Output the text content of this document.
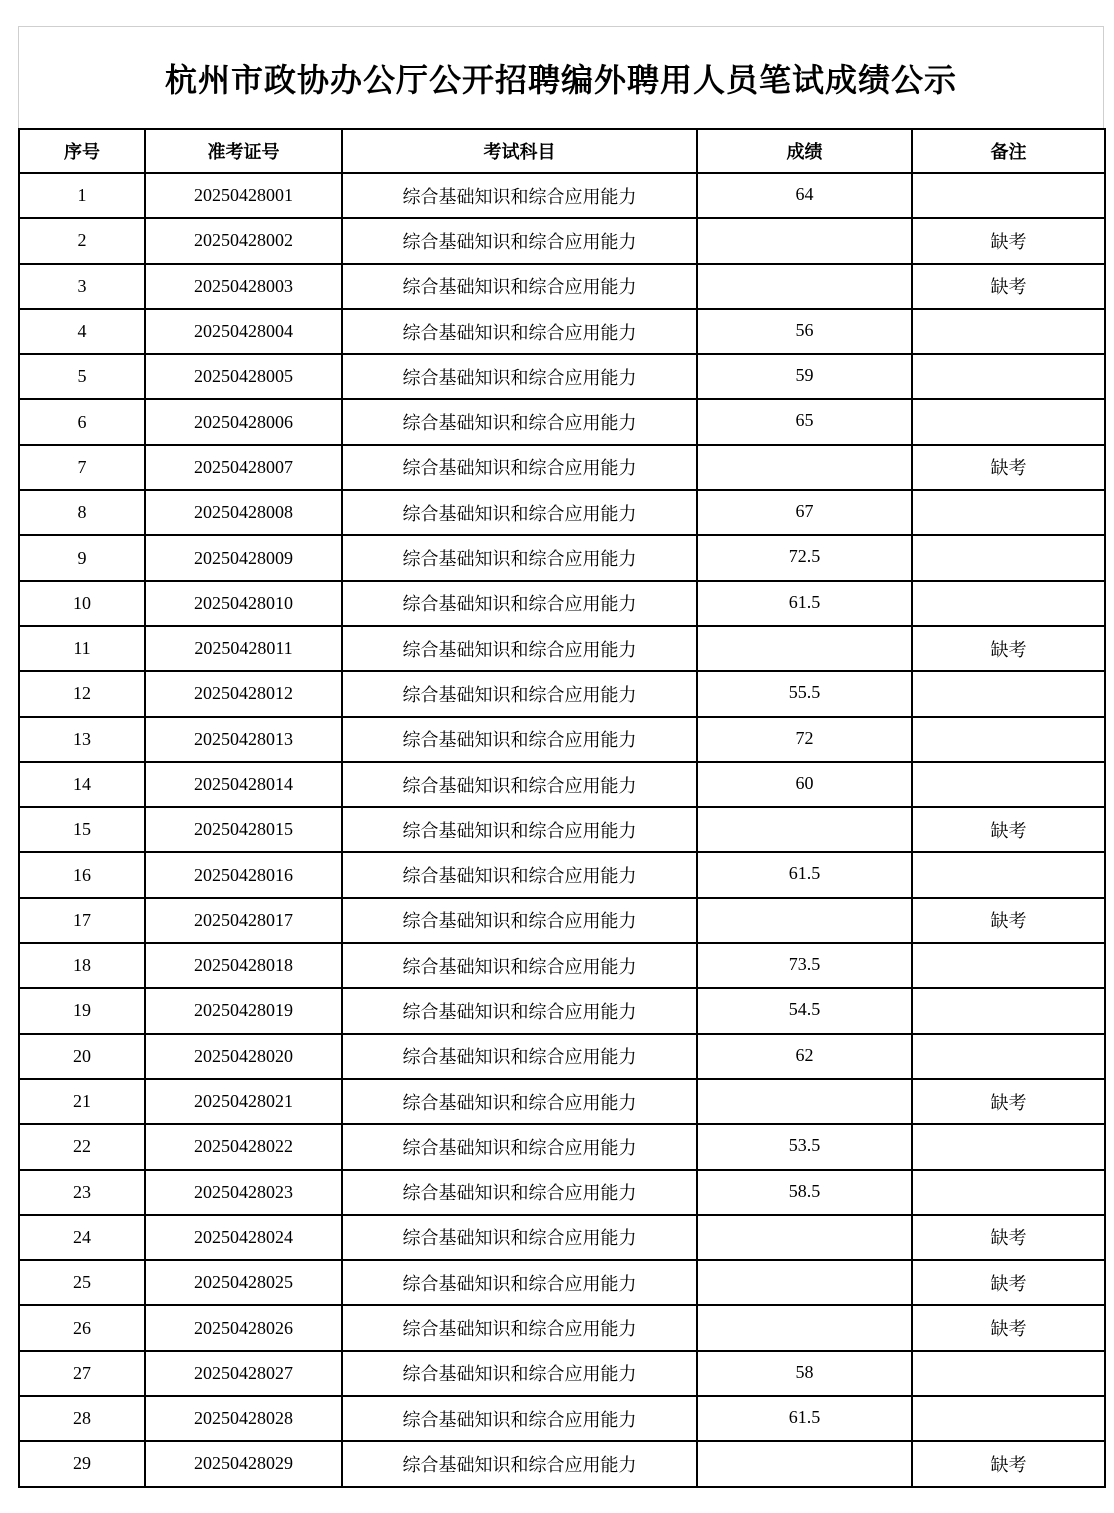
杭州市政协办公厅公开招聘编外聘用人员笔试成绩公示
序号	准考证号	考试科目	成绩	备注
1	20250428001	综合基础知识和综合应用能力	64	
2	20250428002	综合基础知识和综合应用能力		缺考
3	20250428003	综合基础知识和综合应用能力		缺考
4	20250428004	综合基础知识和综合应用能力	56	
5	20250428005	综合基础知识和综合应用能力	59	
6	20250428006	综合基础知识和综合应用能力	65	
7	20250428007	综合基础知识和综合应用能力		缺考
8	20250428008	综合基础知识和综合应用能力	67	
9	20250428009	综合基础知识和综合应用能力	72.5	
10	20250428010	综合基础知识和综合应用能力	61.5	
11	20250428011	综合基础知识和综合应用能力		缺考
12	20250428012	综合基础知识和综合应用能力	55.5	
13	20250428013	综合基础知识和综合应用能力	72	
14	20250428014	综合基础知识和综合应用能力	60	
15	20250428015	综合基础知识和综合应用能力		缺考
16	20250428016	综合基础知识和综合应用能力	61.5	
17	20250428017	综合基础知识和综合应用能力		缺考
18	20250428018	综合基础知识和综合应用能力	73.5	
19	20250428019	综合基础知识和综合应用能力	54.5	
20	20250428020	综合基础知识和综合应用能力	62	
21	20250428021	综合基础知识和综合应用能力		缺考
22	20250428022	综合基础知识和综合应用能力	53.5	
23	20250428023	综合基础知识和综合应用能力	58.5	
24	20250428024	综合基础知识和综合应用能力		缺考
25	20250428025	综合基础知识和综合应用能力		缺考
26	20250428026	综合基础知识和综合应用能力		缺考
27	20250428027	综合基础知识和综合应用能力	58	
28	20250428028	综合基础知识和综合应用能力	61.5	
29	20250428029	综合基础知识和综合应用能力		缺考
